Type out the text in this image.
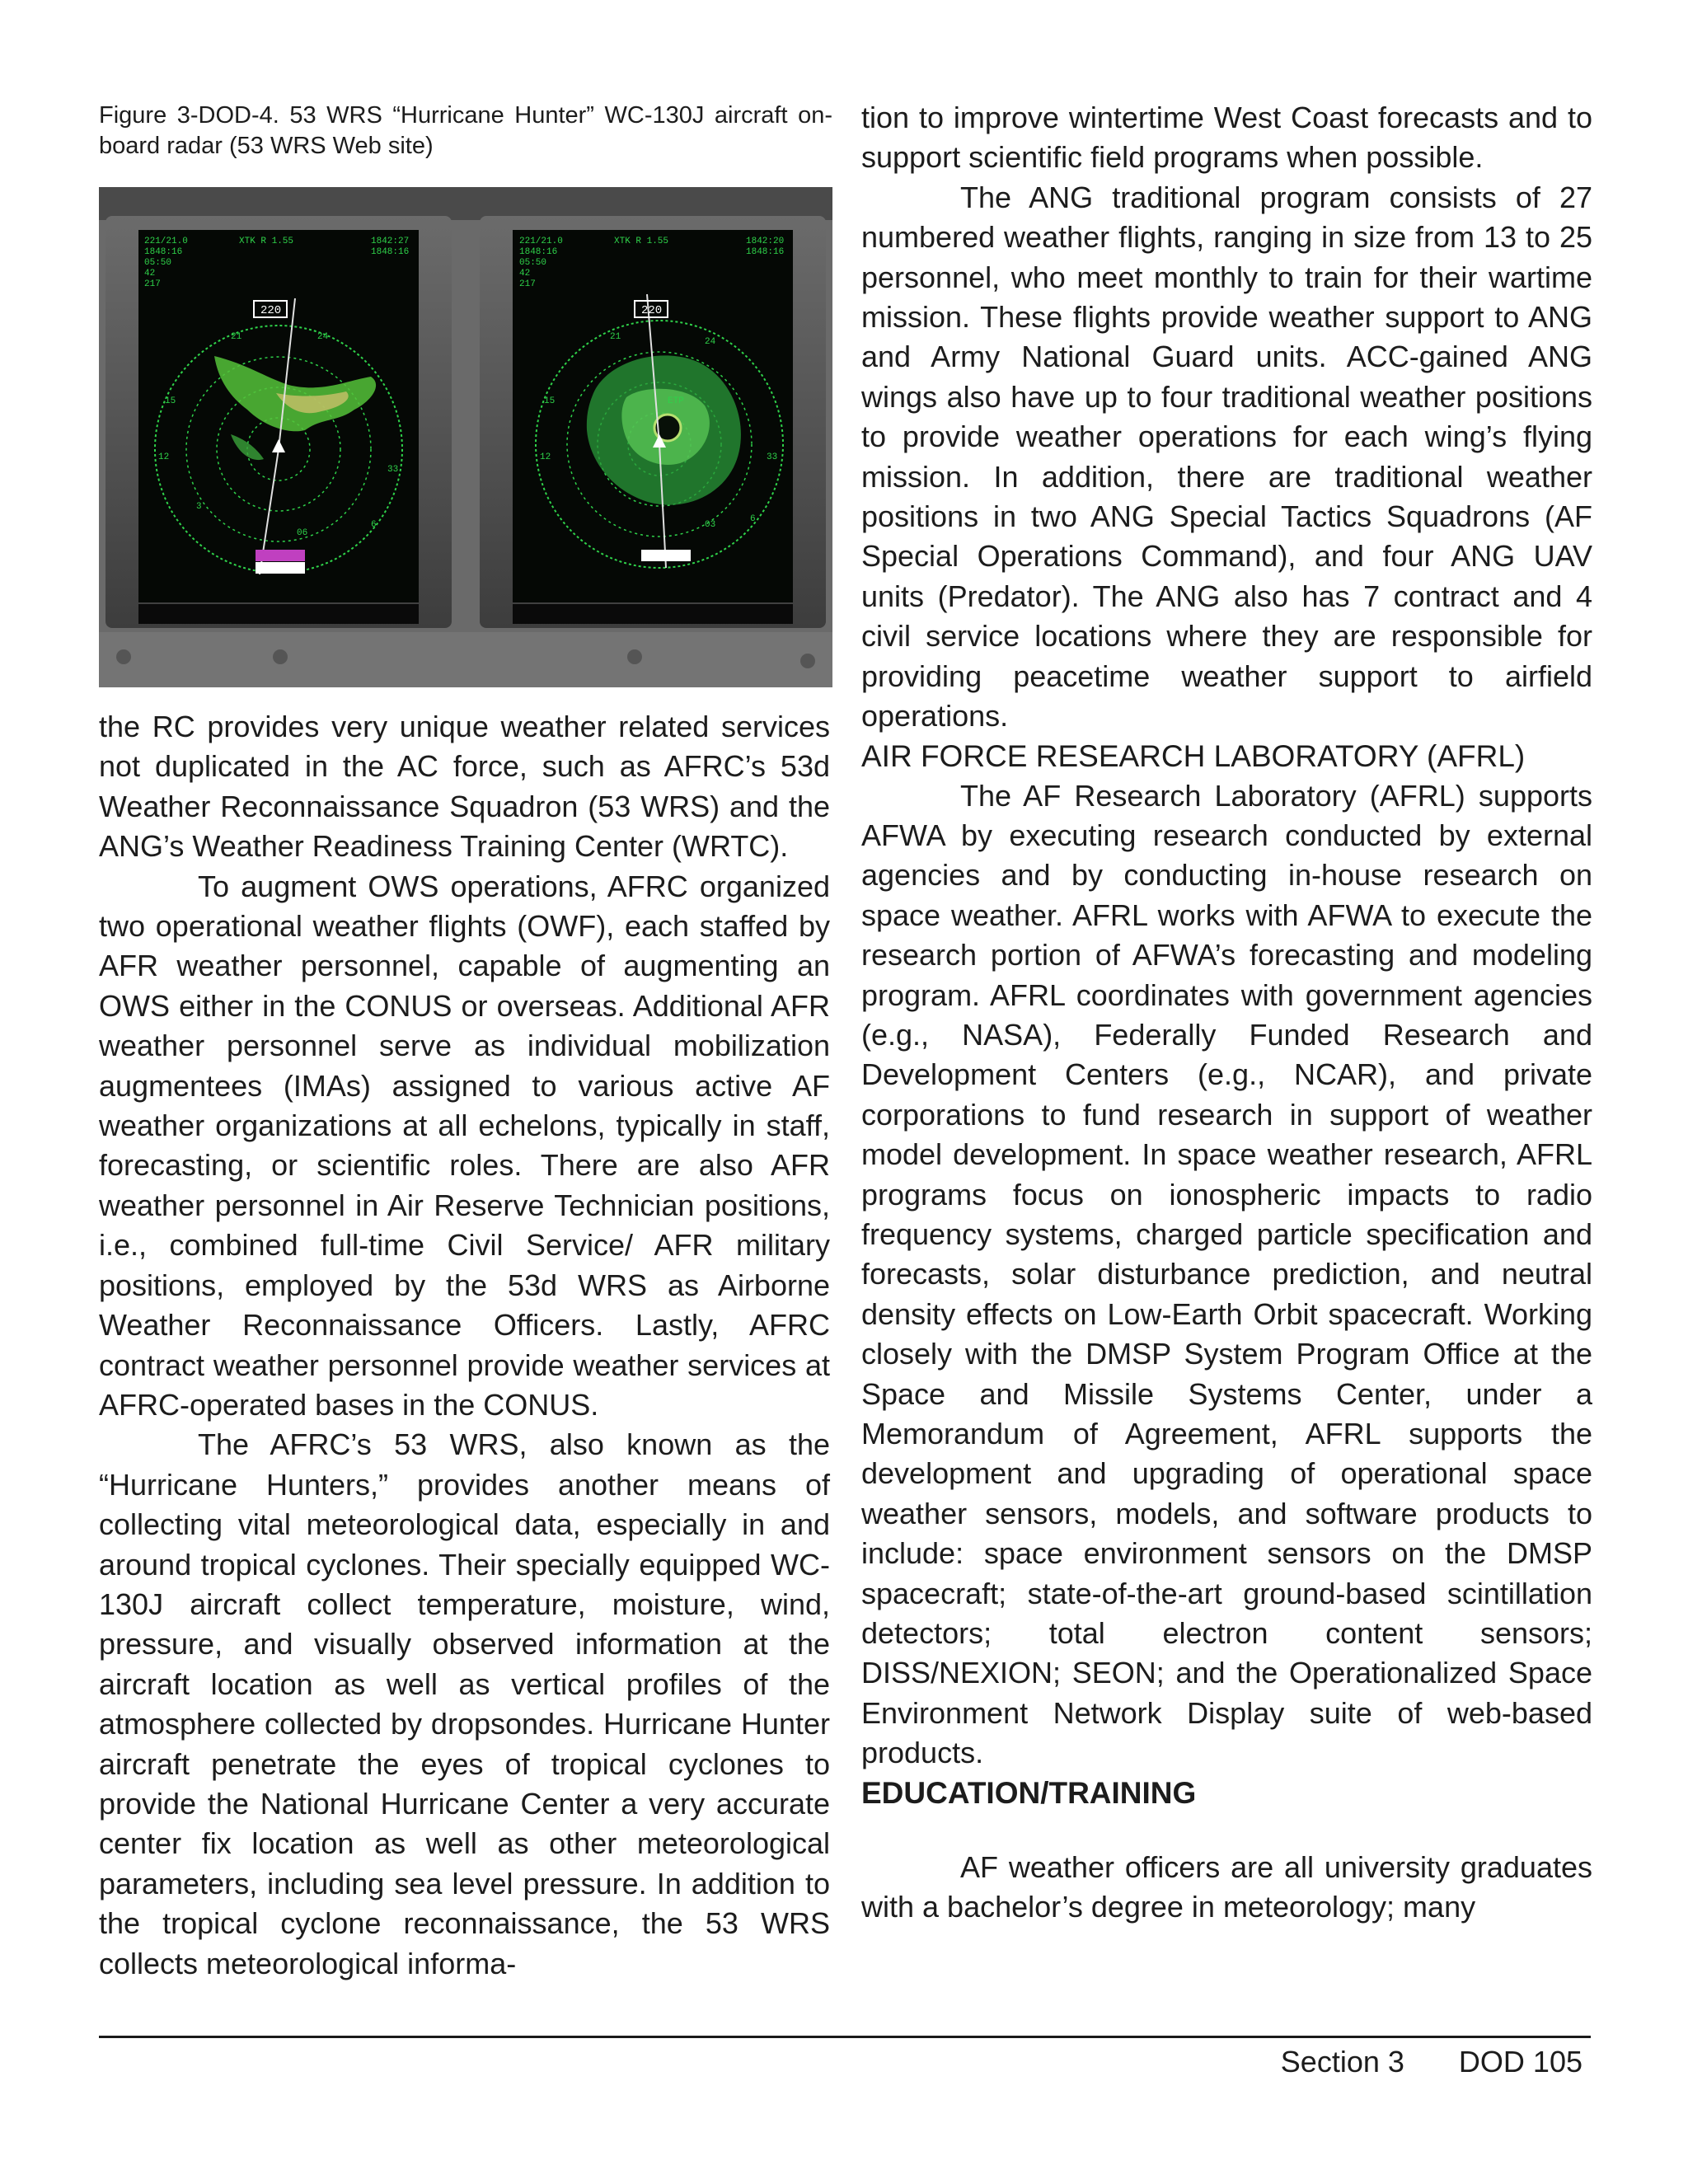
Figure 3-DOD-4. 53 WRS “Hurricane Hunter” WC-130J aircraft on-board radar (53 WRS Web site)
220
221/21.0
1848:16
05:50
42
217
XTK R 1.55	1842:27
1848:16
21	24
15
12
33
6
06
3
220
221/21.0
1848:16
05:50
42
217
XTK R 1.55	1842:20
1848:16
21	24
15
12	33
6
03
ETP

the RC provides very unique weather related services not duplicated in the AC force, such as AFRC’s 53d Weather Reconnaissance Squadron (53 WRS) and the ANG’s Weather Readiness Training Center (WRTC).

To augment OWS operations, AFRC organized two operational weather flights (OWF), each staffed by AFR weather personnel, capable of augmenting an OWS either in the CONUS or overseas. Additional AFR weather personnel serve as individual mobilization augmentees (IMAs) assigned to various active AF weather organizations at all echelons, typically in staff, forecasting, or scientific roles. There are also AFR weather personnel in Air Reserve Technician positions, i.e., combined full-time Civil Service/ AFR military positions, employed by the 53d WRS as Airborne Weather Reconnaissance Officers. Lastly, AFRC contract weather personnel provide weather services at AFRC-operated bases in the CONUS.

The AFRC’s 53 WRS, also known as the “Hurricane Hunters,” provides another means of collecting vital meteorological data, especially in and around tropical cyclones. Their specially equipped WC-130J aircraft collect temperature, moisture, wind, pressure, and visually observed information at the aircraft location as well as vertical profiles of the atmosphere collected by dropsondes. Hurricane Hunter aircraft penetrate the eyes of tropical cyclones to provide the National Hurricane Center a very accurate center fix location as well as other meteorological parameters, including sea level pressure. In addition to the tropical cyclone reconnaissance, the 53 WRS collects meteorological informa-

tion to improve wintertime West Coast forecasts and to support scientific field programs when possible.

The ANG traditional program consists of 27 numbered weather flights, ranging in size from 13 to 25 personnel, who meet monthly to train for their wartime mission. These flights provide weather support to ANG and Army National Guard units. ACC-gained ANG wings also have up to four traditional weather positions to provide weather operations for each wing’s flying mission. In addition, there are traditional weather positions in two ANG Special Tactics Squadrons (AF Special Operations Command), and four ANG UAV units (Predator). The ANG also has 7 contract and 4 civil service locations where they are responsible for providing peacetime weather support to airfield operations.

AIR FORCE RESEARCH LABORATORY (AFRL)

The AF Research Laboratory (AFRL) supports AFWA by executing research conducted by external agencies and by conducting in-house research on space weather. AFRL works with AFWA to execute the research portion of AFWA’s forecasting and modeling program. AFRL coordinates with government agencies (e.g., NASA), Federally Funded Research and Development Centers (e.g., NCAR), and private corporations to fund research in support of weather model development. In space weather research, AFRL programs focus on ionospheric impacts to radio frequency systems, charged particle specification and forecasts, solar disturbance prediction, and neutral density effects on Low-Earth Orbit spacecraft. Working closely with the DMSP System Program Office at the Space and Missile Systems Center, under a Memorandum of Agreement, AFRL supports the development and upgrading of operational space weather sensors, models, and software products to include: space environment sensors on the DMSP spacecraft; state-of-the-art ground-based scintillation detectors; total electron content sensors; DISS/NEXION; SEON; and the Operationalized Space Environment Network Display suite of web-based products.

EDUCATION/TRAINING

AF weather officers are all university graduates with a bachelor’s degree in meteorology; many

Section 3 DOD 105
